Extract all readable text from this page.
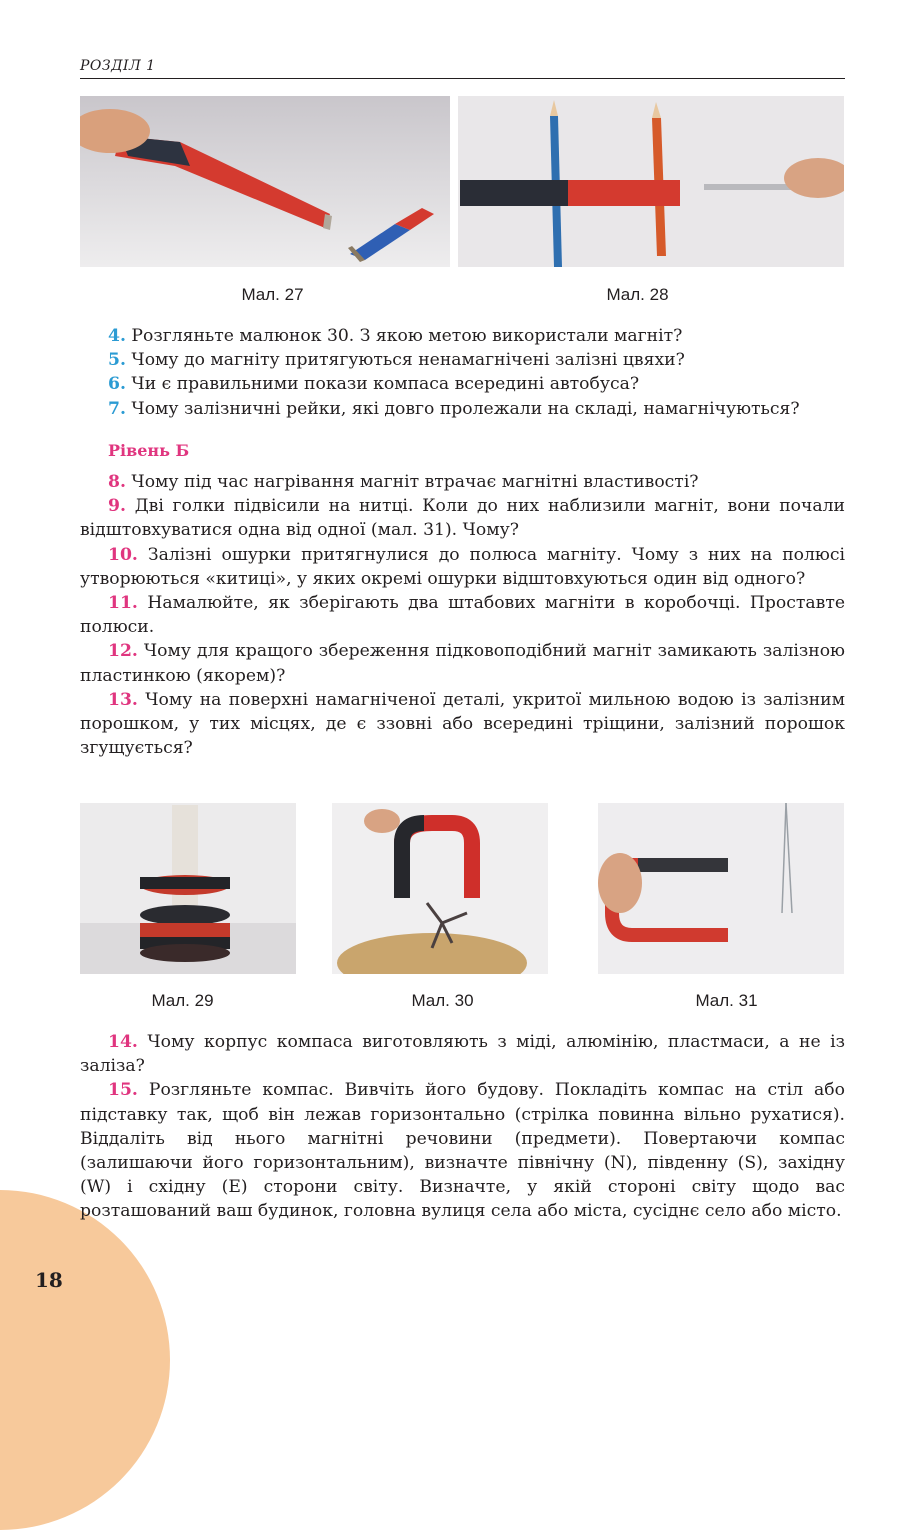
РОЗДІЛ 1
Мал. 27	Мал. 28

4. Розгляньте малюнок 30. З якою метою використали магніт?

5. Чому до магніту притягуються ненамагнічені залізні цвяхи?

6. Чи є правильними покази компаса всередині автобуса?

7. Чому залізничні рейки, які довго пролежали на складі, намагнічуються?

Рівень Б

8. Чому під час нагрівання магніт втрачає магнітні властивості?

9. Дві голки підвісили на нитці. Коли до них наблизили магніт, вони почали відштовхуватися одна від одної (мал. 31). Чому?

10. Залізні ошурки притягнулися до полюса магніту. Чому з них на полюсі утворюються «китиці», у яких окремі ошурки відштовхуються один від одного?

11. Намалюйте, як зберігають два штабових магніти в коробочці. Проставте полюси.

12. Чому для кращого збереження підковоподібний магніт замикають залізною пластинкою (якорем)?

13. Чому на поверхні намагніченої деталі, укритої мильною водою із залізним порошком, у тих місцях, де є ззовні або всередині тріщини, залізний порошок згущується?

Мал. 29	Мал. 30	Мал. 31

14. Чому корпус компаса виготовляють з міді, алюмінію, пластмаси, а не із заліза?

15. Розгляньте компас. Вивчіть його будову. Покладіть компас на стіл або підставку так, щоб він лежав горизонтально (стрілка повинна вільно рухатися). Віддаліть від нього магнітні речовини (предмети). Повертаючи компас (залишаючи його горизонтальним), визначте північну (N), південну (S), західну (W) і східну (E) сторони світу. Визначте, у якій стороні світу щодо вас розташований ваш будинок, головна вулиця села або міста, сусіднє село або місто.

18
